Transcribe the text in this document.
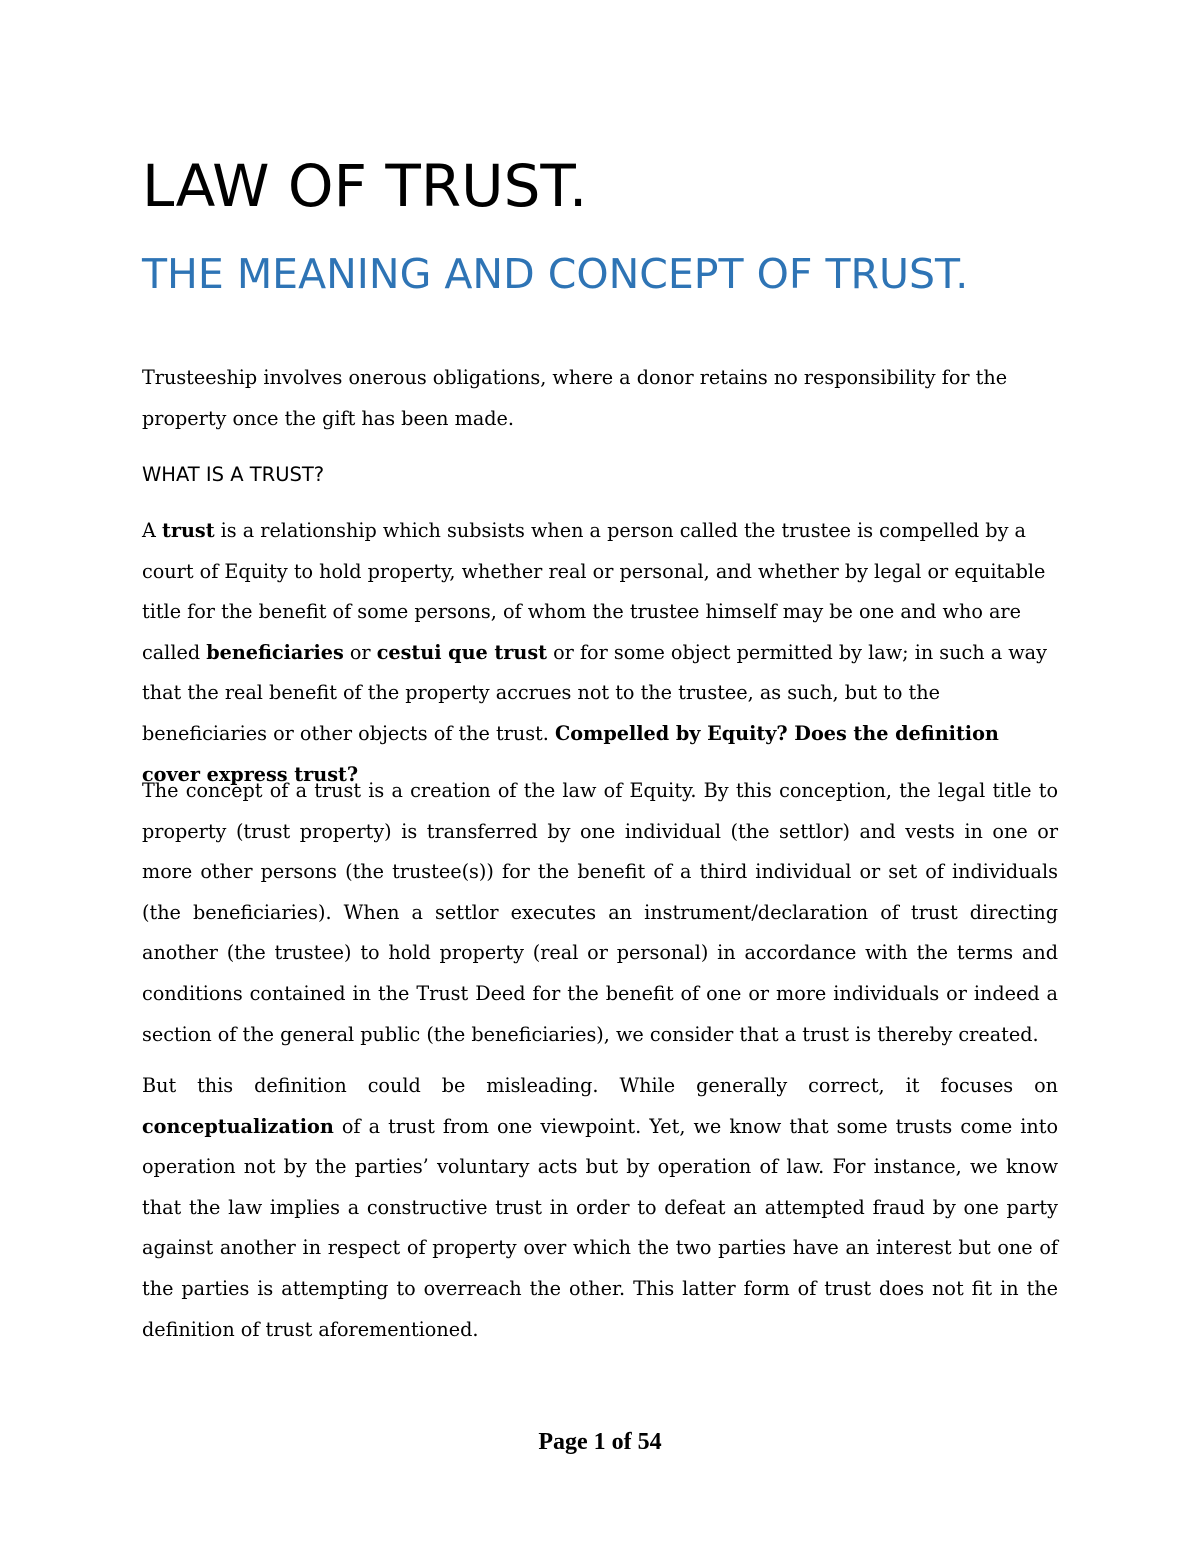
LAW OF TRUST.
THE MEANING AND CONCEPT OF TRUST.

Trusteeship involves onerous obligations, where a donor retains no responsibility for the property once the gift has been made.

WHAT IS A TRUST?

A trust is a relationship which subsists when a person called the trustee is compelled by a court of Equity to hold property, whether real or personal, and whether by legal or equitable title for the benefit of some persons, of whom the trustee himself may be one and who are called beneficiaries or cestui que trust or for some object permitted by law; in such a way that the real benefit of the property accrues not to the trustee, as such, but to the beneficiaries or other objects of the trust. Compelled by Equity? Does the definition cover express trust?

The concept of a trust is a creation of the law of Equity. By this conception, the legal title to property (trust property) is transferred by one individual (the settlor) and vests in one or more other persons (the trustee(s)) for the benefit of a third individual or set of individuals (the beneficiaries). When a settlor executes an instrument/declaration of trust directing another (the trustee) to hold property (real or personal) in accordance with the terms and conditions contained in the Trust Deed for the benefit of one or more individuals or indeed a section of the general public (the beneficiaries), we consider that a trust is thereby created.

But this definition could be misleading. While generally correct, it focuses on conceptualization of a trust from one viewpoint. Yet, we know that some trusts come into operation not by the parties’ voluntary acts but by operation of law. For instance, we know that the law implies a constructive trust in order to defeat an attempted fraud by one party against another in respect of property over which the two parties have an interest but one of the parties is attempting to overreach the other. This latter form of trust does not fit in the definition of trust aforementioned.

Page 1 of 54
